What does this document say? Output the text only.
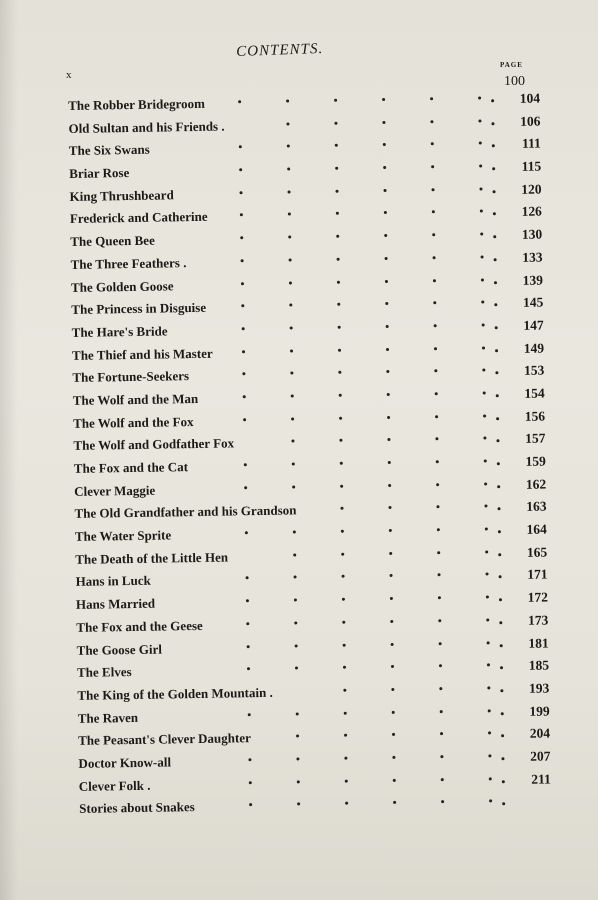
CONTENTS.
x
PAGE
100
The Robber Bridegroom	104
Old Sultan and his Friends .	106
The Six Swans	111
Briar Rose	115
King Thrushbeard	120
Frederick and Catherine	126
The Queen Bee	130
The Three Feathers .	133
The Golden Goose	139
The Princess in Disguise	145
The Hare's Bride	147
The Thief and his Master	149
The Fortune-Seekers	153
The Wolf and the Man	154
The Wolf and the Fox	156
The Wolf and Godfather Fox	157
The Fox and the Cat	159
Clever Maggie	162
The Old Grandfather and his Grandson	163
The Water Sprite	164
The Death of the Little Hen	165
Hans in Luck	171
Hans Married	172
The Fox and the Geese	173
The Goose Girl	181
The Elves	185
The King of the Golden Mountain .	193
The Raven	199
The Peasant's Clever Daughter	204
Doctor Know-all	207
Clever Folk .	211
Stories about Snakes
